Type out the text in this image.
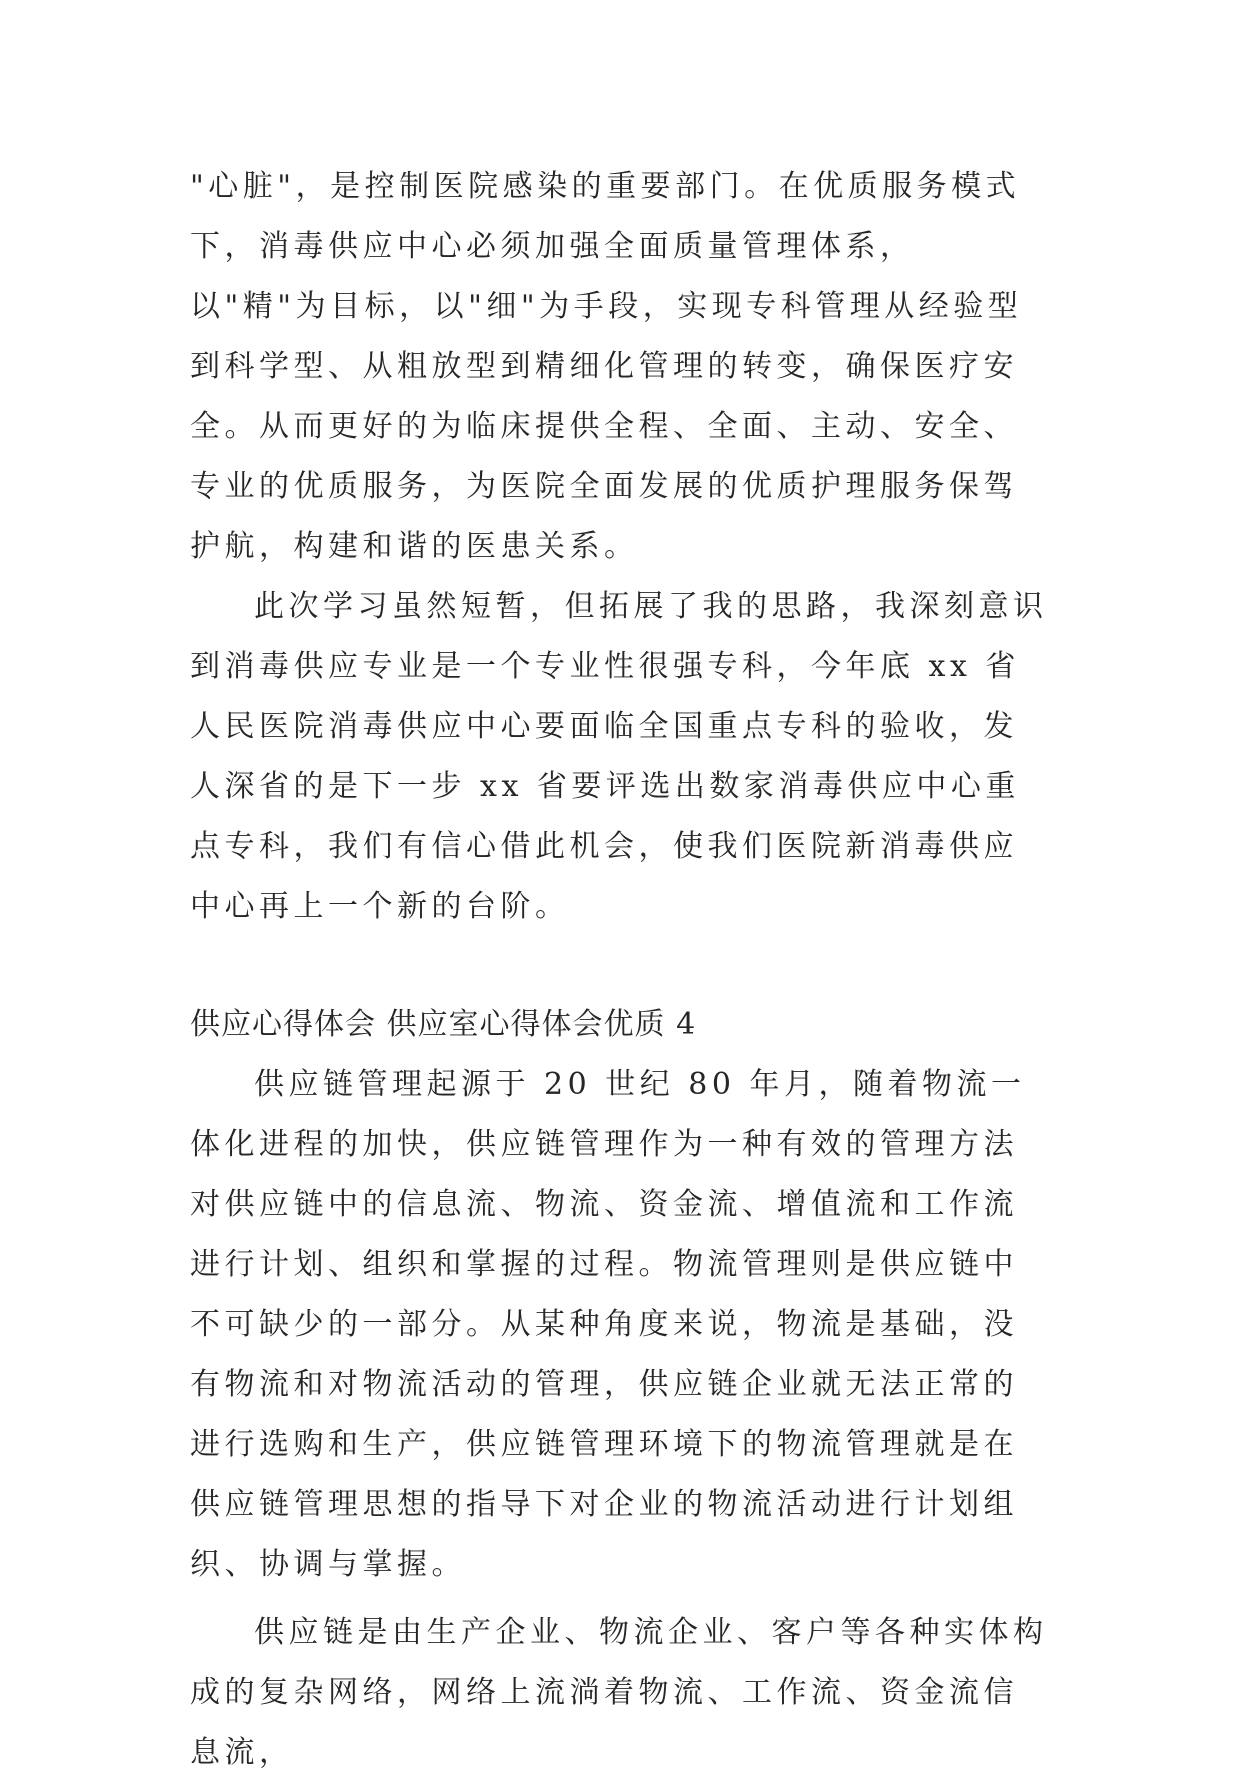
"心脏"，是控制医院感染的重要部门。在优质服务模式下，消毒供应中心必须加强全面质量管理体系，以"精"为目标，以"细"为手段，实现专科管理从经验型到科学型、从粗放型到精细化管理的转变，确保医疗安全。从而更好的为临床提供全程、全面、主动、安全、专业的优质服务，为医院全面发展的优质护理服务保驾护航，构建和谐的医患关系。

此次学习虽然短暂，但拓展了我的思路，我深刻意识到消毒供应专业是一个专业性很强专科，今年底 xx 省人民医院消毒供应中心要面临全国重点专科的验收，发人深省的是下一步 xx 省要评选出数家消毒供应中心重点专科，我们有信心借此机会，使我们医院新消毒供应中心再上一个新的台阶。

供应心得体会 供应室心得体会优质 4

供应链管理起源于 20 世纪 80 年月，随着物流一体化进程的加快，供应链管理作为一种有效的管理方法对供应链中的信息流、物流、资金流、增值流和工作流进行计划、组织和掌握的过程。物流管理则是供应链中不可缺少的一部分。从某种角度来说，物流是基础，没有物流和对物流活动的管理，供应链企业就无法正常的进行选购和生产，供应链管理环境下的物流管理就是在供应链管理思想的指导下对企业的物流活动进行计划组织、协调与掌握。

供应链是由生产企业、物流企业、客户等各种实体构成的复杂网络，网络上流淌着物流、工作流、资金流信息流，
